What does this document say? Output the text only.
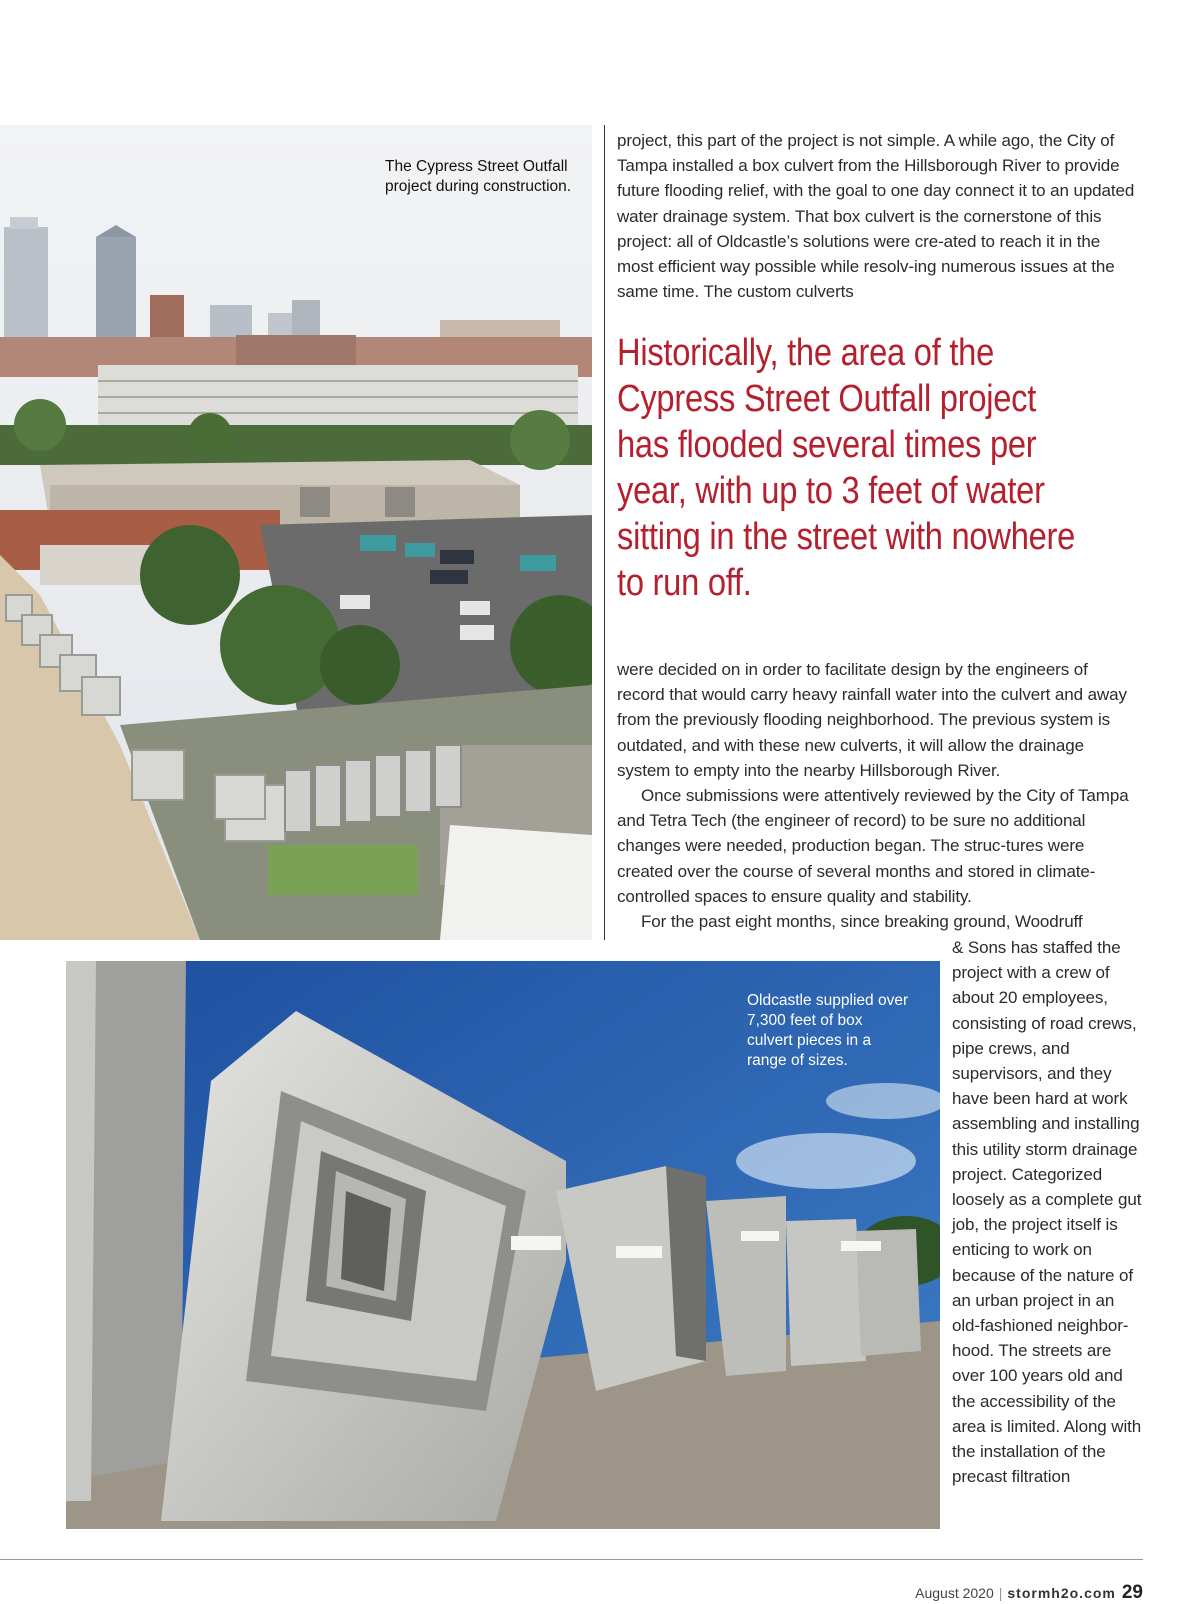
The Cypress Street Outfall project during construction.

project, this part of the project is not simple. A while ago, the City of Tampa installed a box culvert from the Hillsborough River to provide future flooding relief, with the goal to one day connect it to an updated water drainage system. That box culvert is the cornerstone of this project: all of Oldcastle’s solutions were cre-ated to reach it in the most efficient way possible while resolv-ing numerous issues at the same time. The custom culverts

Historically, the area of the Cypress Street Outfall project has flooded several times per year, with up to 3 feet of water sitting in the street with nowhere to run off.

were decided on in order to facilitate design by the engineers of record that would carry heavy rainfall water into the culvert and away from the previously flooding neighborhood. The previous system is outdated, and with these new culverts, it will allow the drainage system to empty into the nearby Hillsborough River.

Once submissions were attentively reviewed by the City of Tampa and Tetra Tech (the engineer of record) to be sure no additional changes were needed, production began. The struc-tures were created over the course of several months and stored in climate-controlled spaces to ensure quality and stability.

For the past eight months, since breaking ground, Woodruff

& Sons has staffed the project with a crew of about 20 employees, consisting of road crews, pipe crews, and supervisors, and they have been hard at work assembling and installing this utility storm drainage project. Categorized loosely as a complete gut job, the project itself is enticing to work on because of the nature of an urban project in an old-fashioned neighbor-hood. The streets are over 100 years old and the accessibility of the area is limited. Along with the installation of the precast filtration

Oldcastle supplied over 7,300 feet of box culvert pieces in a range of sizes.
August 2020 | stormh2o.com 29
